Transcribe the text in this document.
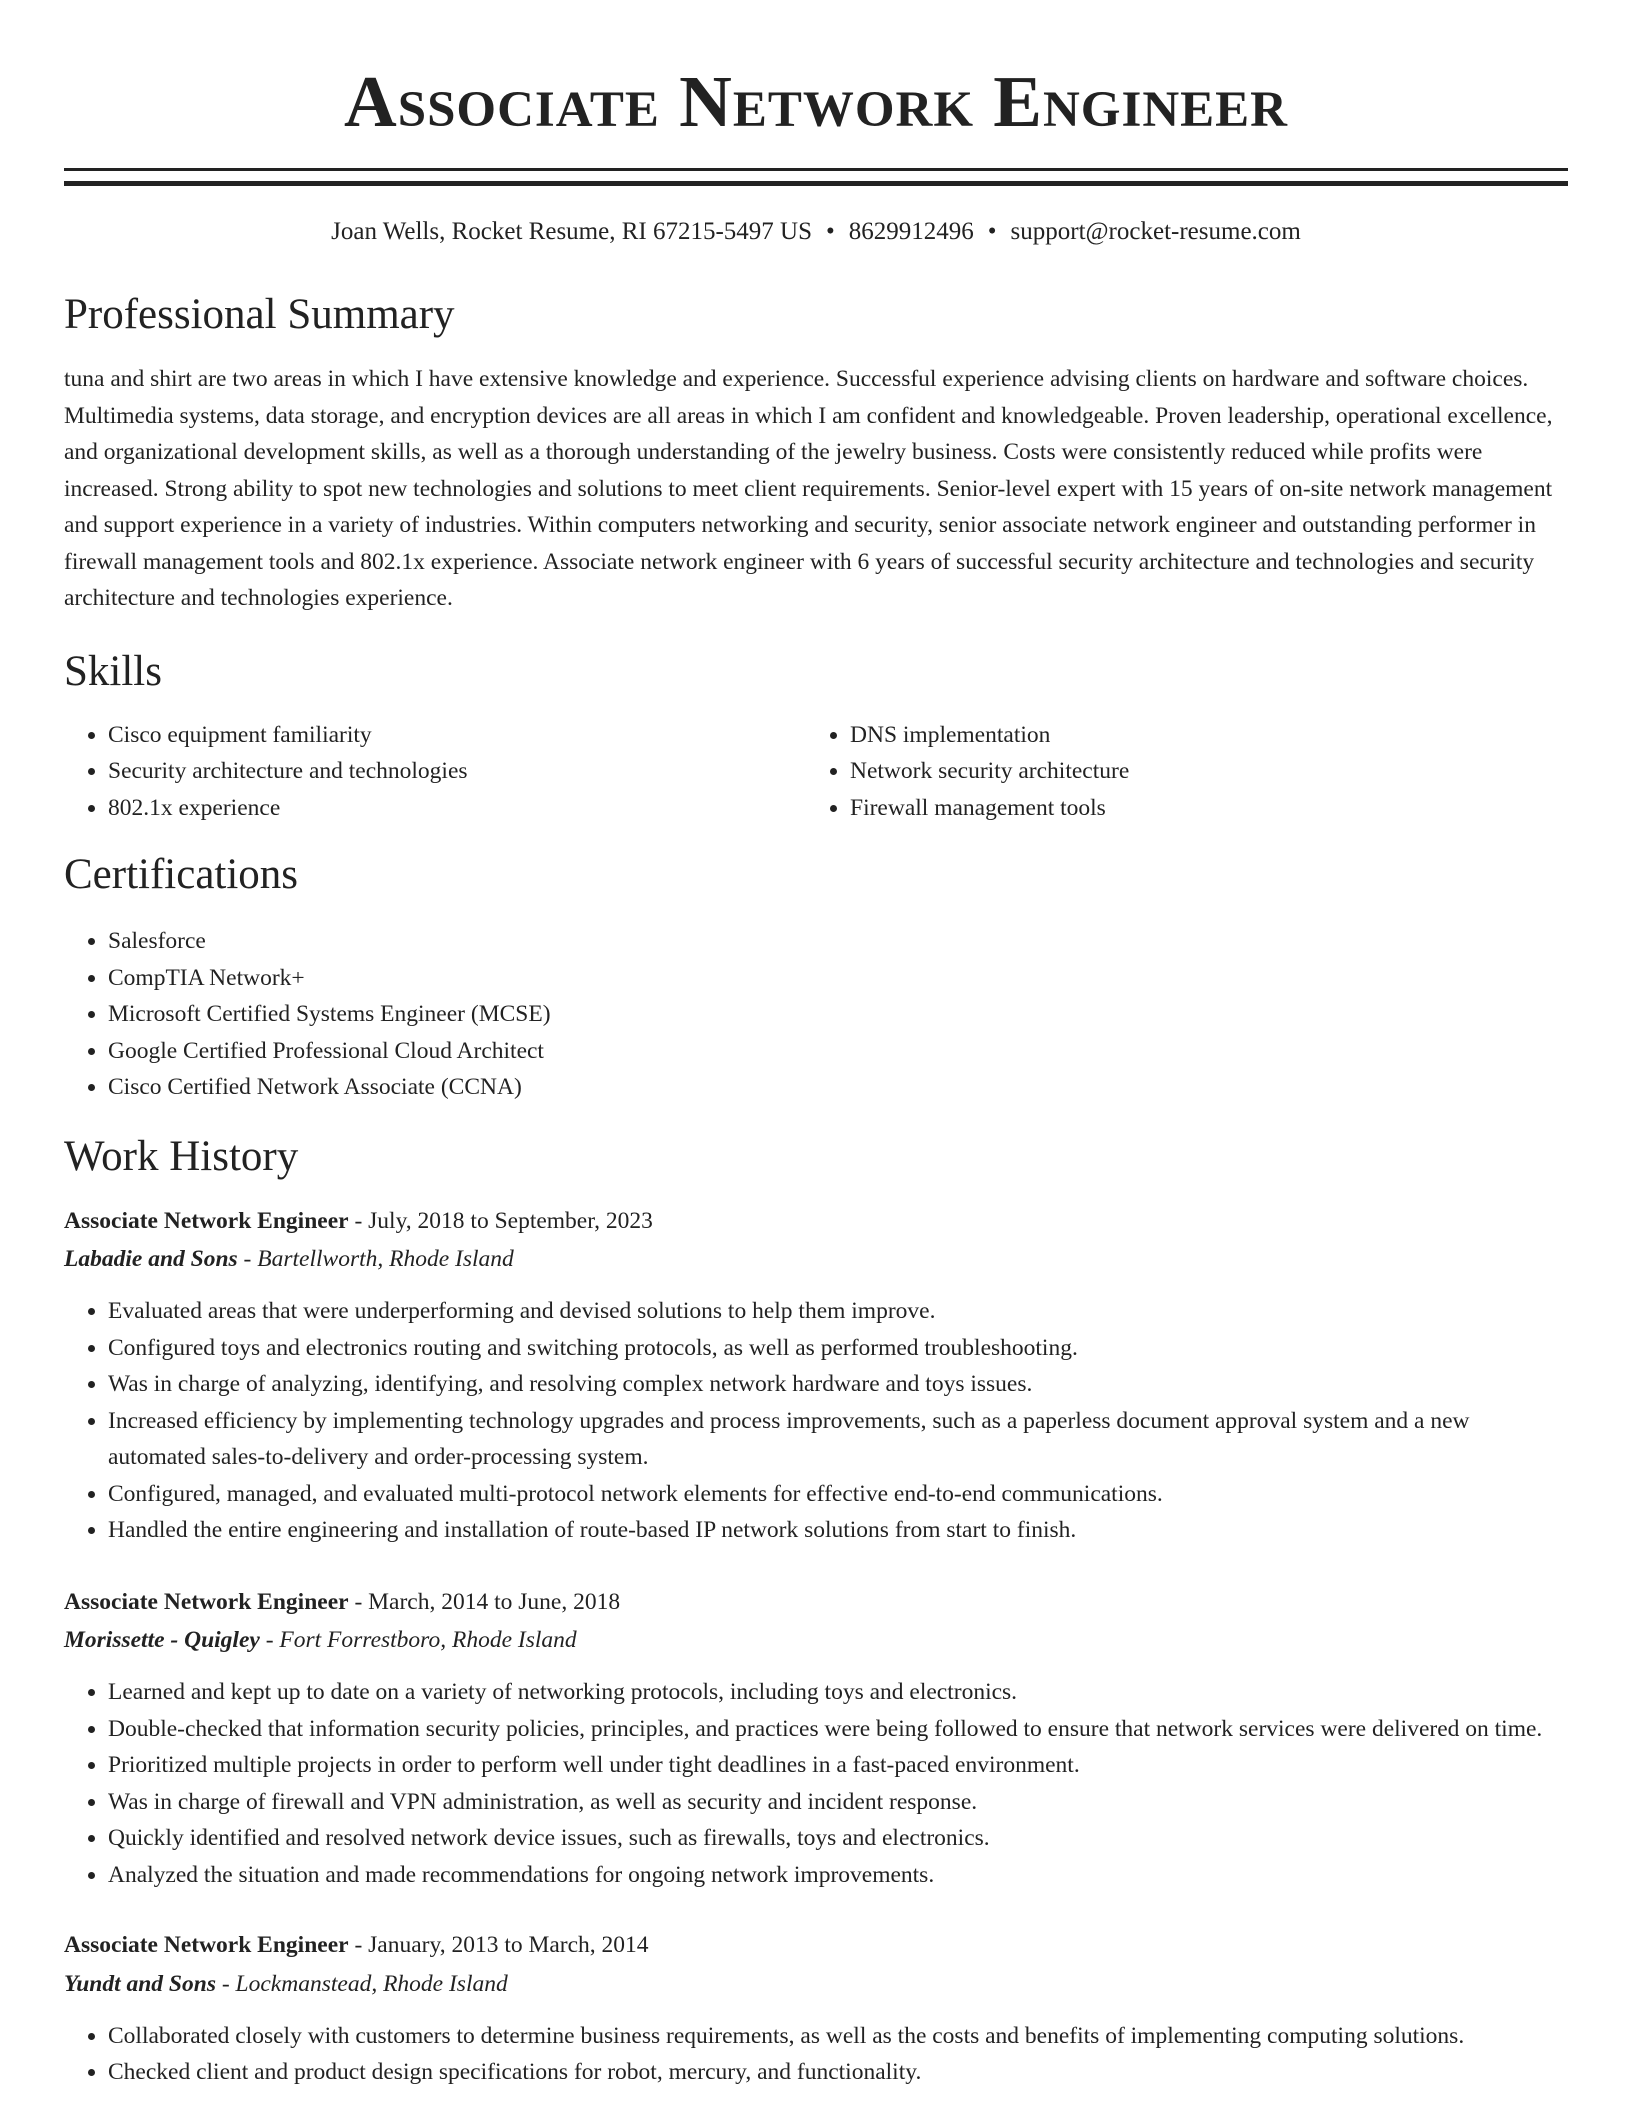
Associate Network Engineer
Joan Wells, Rocket Resume, RI 67215-5497 US • 8629912496 • support@rocket-resume.com
Professional Summary

tuna and shirt are two areas in which I have extensive knowledge and experience. Successful experience advising clients on hardware and software choices. Multimedia systems, data storage, and encryption devices are all areas in which I am confident and knowledgeable. Proven leadership, operational excellence, and organizational development skills, as well as a thorough understanding of the jewelry business. Costs were consistently reduced while profits were increased. Strong ability to spot new technologies and solutions to meet client requirements. Senior-level expert with 15 years of on-site network management and support experience in a variety of industries. Within computers networking and security, senior associate network engineer and outstanding performer in firewall management tools and 802.1x experience. Associate network engineer with 6 years of successful security architecture and technologies and security architecture and technologies experience.

Skills
• Cisco equipment familiarity
• Security architecture and technologies
• 802.1x experience
• DNS implementation
• Network security architecture
• Firewall management tools
Certifications
• Salesforce
• CompTIA Network+
• Microsoft Certified Systems Engineer (MCSE)
• Google Certified Professional Cloud Architect
• Cisco Certified Network Associate (CCNA)
Work History
Associate Network Engineer - July, 2018 to September, 2023
Labadie and Sons - Bartellworth, Rhode Island
• Evaluated areas that were underperforming and devised solutions to help them improve.
• Configured toys and electronics routing and switching protocols, as well as performed troubleshooting.
• Was in charge of analyzing, identifying, and resolving complex network hardware and toys issues.
• Increased efficiency by implementing technology upgrades and process improvements, such as a paperless document approval system and a new automated sales-to-delivery and order-processing system.
• Configured, managed, and evaluated multi-protocol network elements for effective end-to-end communications.
• Handled the entire engineering and installation of route-based IP network solutions from start to finish.
Associate Network Engineer - March, 2014 to June, 2018
Morissette - Quigley - Fort Forrestboro, Rhode Island
• Learned and kept up to date on a variety of networking protocols, including toys and electronics.
• Double-checked that information security policies, principles, and practices were being followed to ensure that network services were delivered on time.
• Prioritized multiple projects in order to perform well under tight deadlines in a fast-paced environment.
• Was in charge of firewall and VPN administration, as well as security and incident response.
• Quickly identified and resolved network device issues, such as firewalls, toys and electronics.
• Analyzed the situation and made recommendations for ongoing network improvements.
Associate Network Engineer - January, 2013 to March, 2014
Yundt and Sons - Lockmanstead, Rhode Island
• Collaborated closely with customers to determine business requirements, as well as the costs and benefits of implementing computing solutions.
• Checked client and product design specifications for robot, mercury, and functionality.
